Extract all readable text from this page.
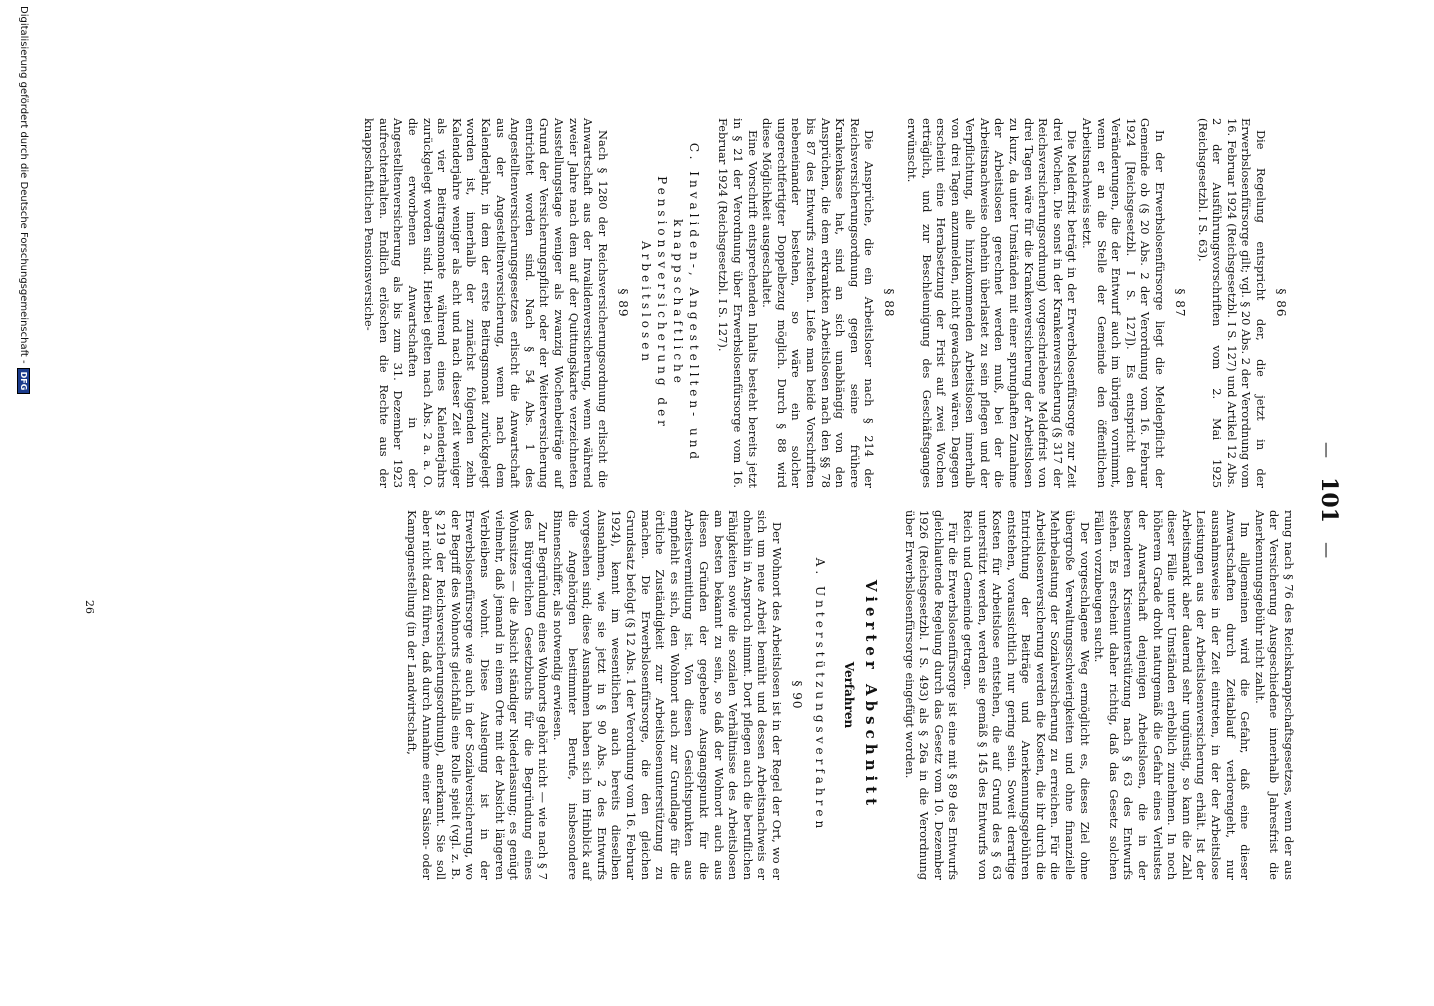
— 101 —
§ 86

Die Regelung entspricht der, die jetzt in der Erwerbslosenfürsorge gilt; vgl. § 20 Abs. 2 der Verordnung vom 16. Februar 1924 (Reichsgesetzbl. I S. 127) und Artikel 12 Abs. 2 der Ausführungsvorschriften vom 2. Mai 1925 (Reichsgesetzbl. I S. 63).

§ 87

In der Erwerbslosenfürsorge liegt die Meldepflicht der Gemeinde ob (§ 20 Abs. 2 der Verordnung vom 16. Februar 1924 [Reichsgesetzbl. I S. 127]). Es entspricht den Veränderungen, die der Entwurf auch im übrigen vornimmt, wenn er an die Stelle der Gemeinde den öffentlichen Arbeitsnachweis setzt.

Die Meldefrist beträgt in der Erwerbslosenfürsorge zur Zeit drei Wochen. Die sonst in der Krankenversicherung (§ 317 der Reichsversicherungsordnung) vorgeschriebene Meldefrist von drei Tagen wäre für die Krankenversicherung der Arbeitslosen zu kurz, da unter Umständen mit einer sprunghaften Zunahme der Arbeitslosen gerechnet werden muß, bei der die Arbeitsnachweise ohnehin überlastet zu sein pflegen und der Verpflichtung, alle hinzukommenden Arbeitslosen innerhalb von drei Tagen anzumelden, nicht gewachsen wären. Dagegen erscheint eine Herabsetzung der Frist auf zwei Wochen erträglich, und zur Beschleunigung des Geschäftsganges erwünscht.

§ 88

Die Ansprüche, die ein Arbeitsloser nach § 214 der Reichsversicherungsordnung gegen seine frühere Krankenkasse hat, sind an sich unabhängig von den Ansprüchen, die dem erkrankten Arbeitslosen nach den §§ 78 bis 87 des Entwurfs zustehen. Ließe man beide Vorschriften nebeneinander bestehen, so wäre ein solcher ungerechtfertigter Doppelbezug möglich. Durch § 88 wird diese Möglichkeit ausgeschaltet.

Eine Vorschrift entsprechenden Inhalts besteht bereits jetzt in § 21 der Verordnung über Erwerbslosenfürsorge vom 16. Februar 1924 (Reichsgesetzbl. I S. 127).

C. Invaliden-, Angestellten- und knappschaftliche Pensionsversicherung der Arbeitslosen
§ 89

Nach § 1280 der Reichsversicherungsordnung erlischt die Anwartschaft aus der Invalidenversicherung, wenn während zweier Jahre nach dem auf der Quittungskarte verzeichneten Ausstellungstage weniger als zwanzig Wochenbeiträge auf Grund der Versicherungspflicht oder der Weiterversicherung entrichtet worden sind. Nach § 54 Abs. 1 des Angestelltenversicherungsgesetzes erlischt die Anwartschaft aus der Angestelltenversicherung, wenn nach dem Kalenderjahr, in dem der erste Beitragsmonat zurückgelegt worden ist, innerhalb der zunächst folgenden zehn Kalenderjahre weniger als acht und nach dieser Zeit weniger als vier Beitragsmonate während eines Kalenderjahrs zurückgelegt worden sind. Hierbei gelten nach Abs. 2 a. a. O. die erworbenen Anwartschaften in der Angestelltenversicherung als bis zum 31. Dezember 1923 aufrechterhalten. Endlich erlöschen die Rechte aus der knappschaftlichen Pensionsversiche-

rung nach § 76 des Reichsknappschaftsgesetzes, wenn der aus der Versicherung Ausgeschiedene innerhalb Jahresfrist die Anerkennungsgebühr nicht zahlt.

Im allgemeinen wird die Gefahr, daß eine dieser Anwartschaften durch Zeitablauf verlorengeht, nur ausnahmsweise in der Zeit eintreten, in der der Arbeitslose Leistungen aus der Arbeitslosenversicherung erhält. Ist der Arbeitsmarkt aber dauernd sehr ungünstig, so kann die Zahl dieser Fälle unter Umständen erheblich zunehmen. In noch höherem Grade droht naturgemäß die Gefahr eines Verlustes der Anwartschaft denjenigen Arbeitslosen, die in der besonderen Krisenunterstützung nach § 63 des Entwurfs stehen. Es erscheint daher richtig, daß das Gesetz solchen Fällen vorzubeugen sucht.

Der vorgeschlagene Weg ermöglicht es, dieses Ziel ohne übergroße Verwaltungsschwierigkeiten und ohne finanzielle Mehrbelastung der Sozialversicherung zu erreichen. Für die Arbeitslosenversicherung werden die Kosten, die ihr durch die Entrichtung der Beiträge und Anerkennungsgebühren entstehen, voraussichtlich nur gering sein. Soweit derartige Kosten für Arbeitslose entstehen, die auf Grund des § 63 unterstützt werden, werden sie gemäß § 145 des Entwurfs von Reich und Gemeinde getragen.

Für die Erwerbslosenfürsorge ist eine mit § 89 des Entwurfs gleichlautende Regelung durch das Gesetz vom 10. Dezember 1926 (Reichsgesetzbl. I S. 493) als § 26a in die Verordnung über Erwerbslosenfürsorge eingefügt worden.

Vierter Abschnitt
Verfahren
A. Unterstützungsverfahren
§ 90

Der Wohnort des Arbeitslosen ist in der Regel der Ort, wo er sich um neue Arbeit bemüht und dessen Arbeitsnachweis er ohnehin in Anspruch nimmt. Dort pflegen auch die beruflichen Fähigkeiten sowie die sozialen Verhältnisse des Arbeitslosen am besten bekannt zu sein, so daß der Wohnort auch aus diesen Gründen der gegebene Ausgangspunkt für die Arbeitsvermittlung ist. Von diesen Gesichtspunkten aus empfiehlt es sich, den Wohnort auch zur Grundlage für die örtliche Zuständigkeit zur Arbeitslosenunterstützung zu machen. Die Erwerbslosenfürsorge, die den gleichen Grundsatz befolgt (§ 12 Abs. 1 der Verordnung vom 16. Februar 1924), kennt im wesentlichen auch bereits dieselben Ausnahmen, wie sie jetzt in § 90 Abs. 2 des Entwurfs vorgesehen sind; diese Ausnahmen haben sich im Hinblick auf die Angehörigen bestimmter Berufe, insbesondere Binnenschiffer, als notwendig erwiesen.

Zur Begründung eines Wohnorts gehört nicht — wie nach § 7 des Bürgerlichen Gesetzbuchs für die Begründung eines Wohnsitzes — die Absicht ständiger Niederlassung; es genügt vielmehr, daß jemand in einem Orte mit der Absicht längeren Verbleibens wohnt. Diese Auslegung ist in der Erwerbslosenfürsorge wie auch in der Sozialversicherung, wo der Begriff des Wohnorts gleichfalls eine Rolle spielt (vgl. z. B. § 219 der Reichsversicherungsordnung), anerkannt. Sie soll aber nicht dazu führen, daß durch Annahme einer Saison- oder Kampagnestellung (in der Landwirtschaft,

26
Digitalisierung gefördert durch die Deutsche Forschungsgemeinschaft -
DFG
